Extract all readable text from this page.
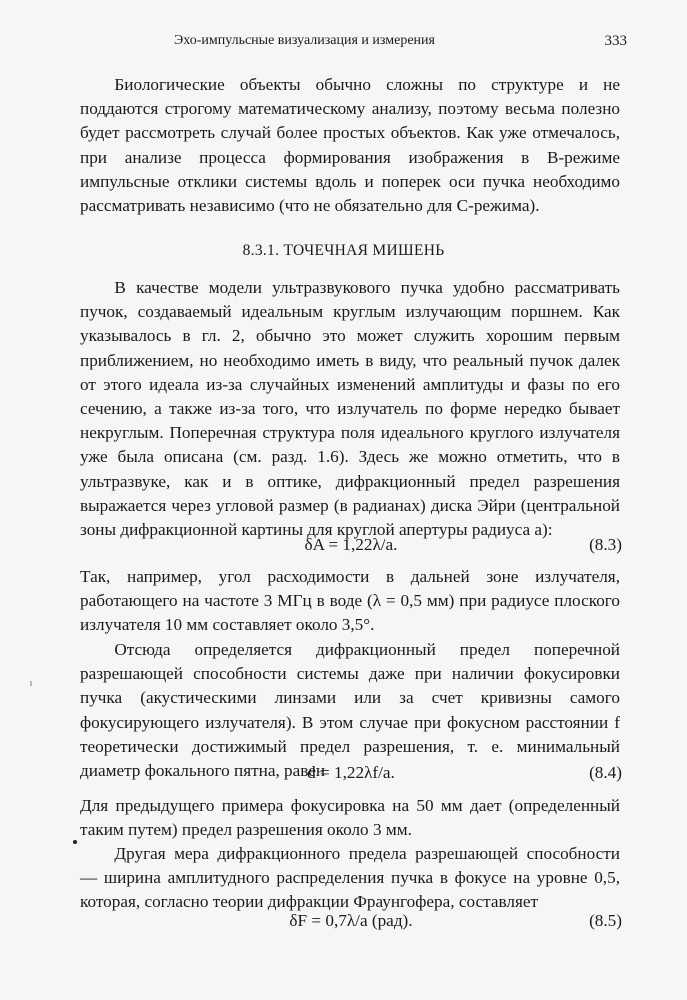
Эхо-импульсные визуализация и измерения	333

Биологические объекты обычно сложны по структуре и не поддаются строгому математическому анализу, поэтому весьма полезно будет рассмотреть случай более простых объектов. Как уже отмечалось, при анализе процесса формирования изображения в B-режиме импульсные отклики системы вдоль и поперек оси пучка необходимо рассматривать независимо (что не обязательно для C-режима).

8.3.1. ТОЧЕЧНАЯ МИШЕНЬ

В качестве модели ультразвукового пучка удобно рассматривать пучок, создаваемый идеальным круглым излучающим поршнем. Как указывалось в гл. 2, обычно это может служить хорошим первым приближением, но необходимо иметь в виду, что реальный пучок далек от этого идеала из-за случайных изменений амплитуды и фазы по его сечению, а также из-за того, что излучатель по форме нередко бывает некруглым. Поперечная структура поля идеального круглого излучателя уже была описана (см. разд. 1.6). Здесь же можно отметить, что в ультразвуке, как и в оптике, дифракционный предел разрешения выражается через угловой размер (в радианах) диска Эйри (центральной зоны дифракционной картины для круглой апертуры радиуса a):

δA = 1,22λ/a.	(8.3)

Так, например, угол расходимости в дальней зоне излучателя, работающего на частоте 3 МГц в воде (λ = 0,5 мм) при радиусе плоского излучателя 10 мм составляет около 3,5°.

Отсюда определяется дифракционный предел поперечной разрешающей способности системы даже при наличии фокусировки пучка (акустическими линзами или за счет кривизны самого фокусирующего излучателя). В этом случае при фокусном расстоянии f теоретически достижимый предел разрешения, т. е. минимальный диаметр фокального пятна, равен

d = 1,22λf/a.	(8.4)

Для предыдущего примера фокусировка на 50 мм дает (определенный таким путем) предел разрешения около 3 мм.

Другая мера дифракционного предела разрешающей способности — ширина амплитудного распределения пучка в фокусе на уровне 0,5, которая, согласно теории дифракции Фраунгофера, составляет

δF = 0,7λ/a (рад).	(8.5)
